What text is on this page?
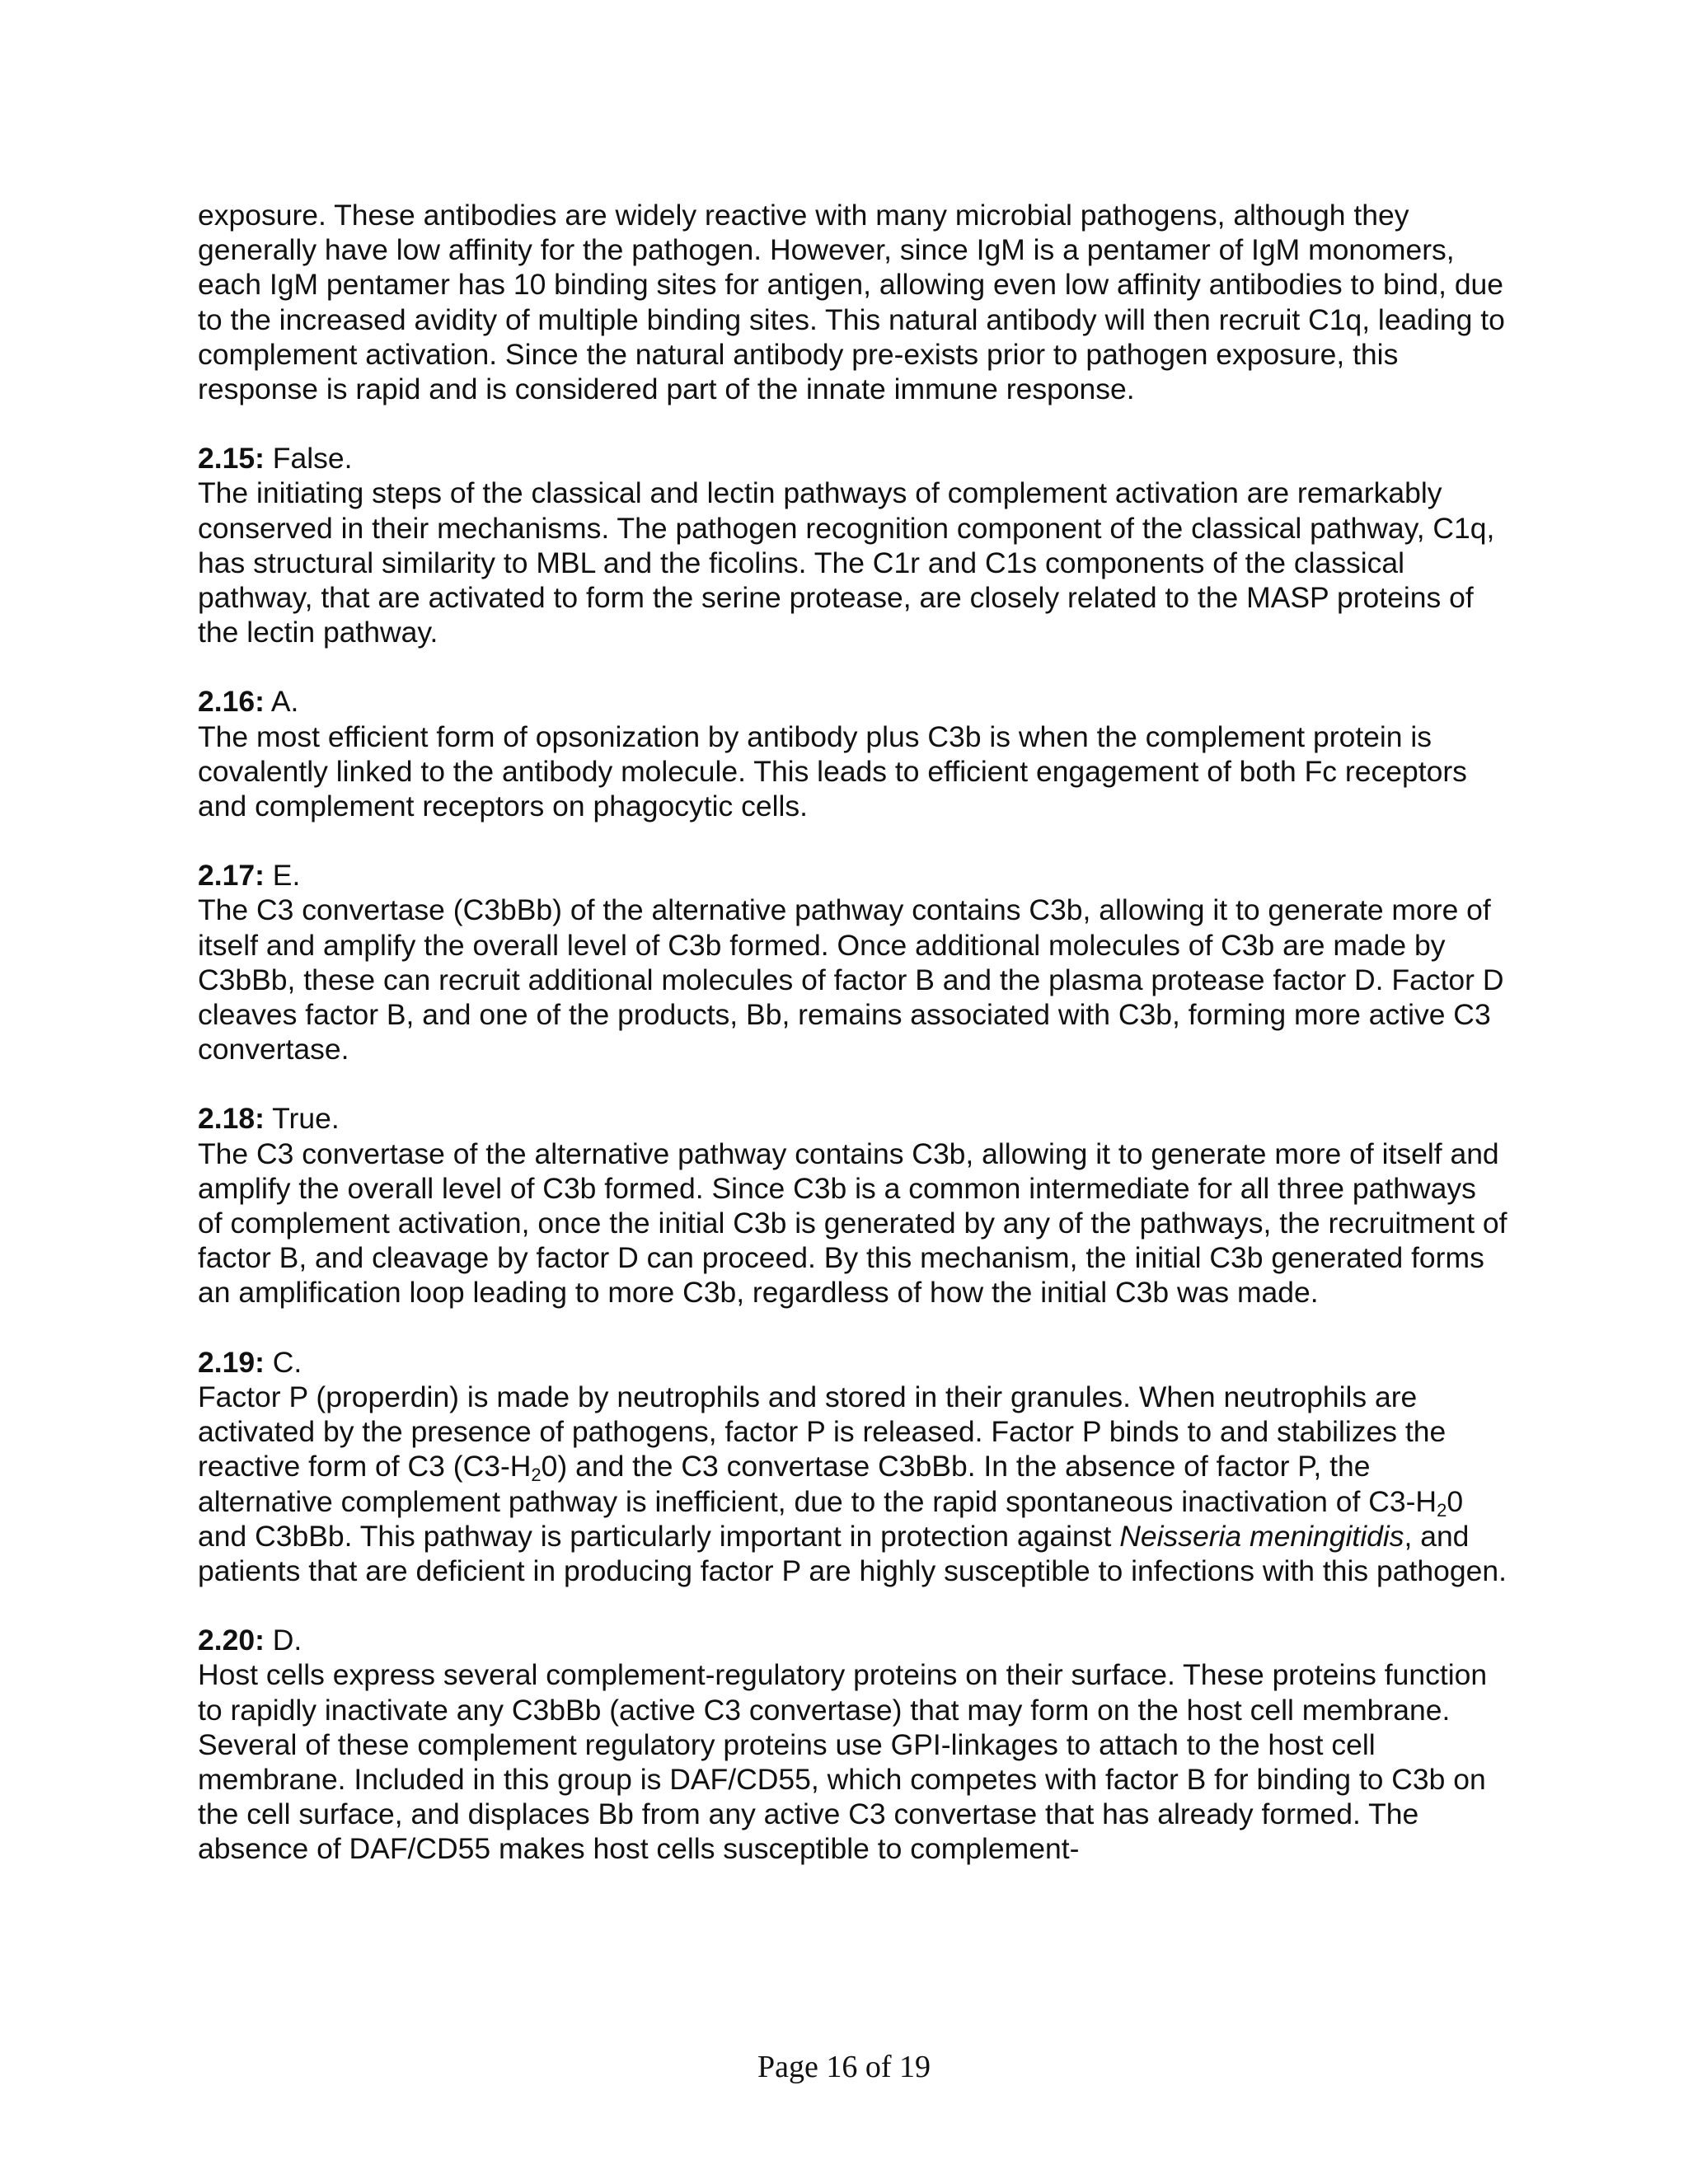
exposure. These antibodies are widely reactive with many microbial pathogens, although they generally have low affinity for the pathogen. However, since IgM is a pentamer of IgM monomers, each IgM pentamer has 10 binding sites for antigen, allowing even low affinity antibodies to bind, due to the increased avidity of multiple binding sites. This natural antibody will then recruit C1q, leading to complement activation. Since the natural antibody pre-exists prior to pathogen exposure, this response is rapid and is considered part of the innate immune response.

2.15: False.

The initiating steps of the classical and lectin pathways of complement activation are remarkably conserved in their mechanisms. The pathogen recognition component of the classical pathway, C1q, has structural similarity to MBL and the ficolins. The C1r and C1s components of the classical pathway, that are activated to form the serine protease, are closely related to the MASP proteins of the lectin pathway.

2.16: A.

The most efficient form of opsonization by antibody plus C3b is when the complement protein is covalently linked to the antibody molecule. This leads to efficient engagement of both Fc receptors and complement receptors on phagocytic cells.

2.17: E.

The C3 convertase (C3bBb) of the alternative pathway contains C3b, allowing it to generate more of itself and amplify the overall level of C3b formed. Once additional molecules of C3b are made by C3bBb, these can recruit additional molecules of factor B and the plasma protease factor D. Factor D cleaves factor B, and one of the products, Bb, remains associated with C3b, forming more active C3 convertase.

2.18: True.

The C3 convertase of the alternative pathway contains C3b, allowing it to generate more of itself and amplify the overall level of C3b formed. Since C3b is a common intermediate for all three pathways of complement activation, once the initial C3b is generated by any of the pathways, the recruitment of factor B, and cleavage by factor D can proceed. By this mechanism, the initial C3b generated forms an amplification loop leading to more C3b, regardless of how the initial C3b was made.

2.19: C.

Factor P (properdin) is made by neutrophils and stored in their granules. When neutrophils are activated by the presence of pathogens, factor P is released. Factor P binds to and stabilizes the reactive form of C3 $(C3-H_20)$ and the C3 convertase C3bBb. In the absence of factor P, the alternative complement pathway is inefficient, due to the rapid spontaneous inactivation of $C3-H_20$ and C3bBb. This pathway is particularly important in protection against Neisseria meningitidis, and patients that are deficient in producing factor P are highly susceptible to infections with this pathogen.

2.20: D.

Host cells express several complement-regulatory proteins on their surface. These proteins function to rapidly inactivate any C3bBb (active C3 convertase) that may form on the host cell membrane. Several of these complement regulatory proteins use GPI-linkages to attach to the host cell membrane. Included in this group is DAF/CD55, which competes with factor B for binding to C3b on the cell surface, and displaces Bb from any active C3 convertase that has already formed. The absence of DAF/CD55 makes host cells susceptible to complement-

Page 16 of 19
